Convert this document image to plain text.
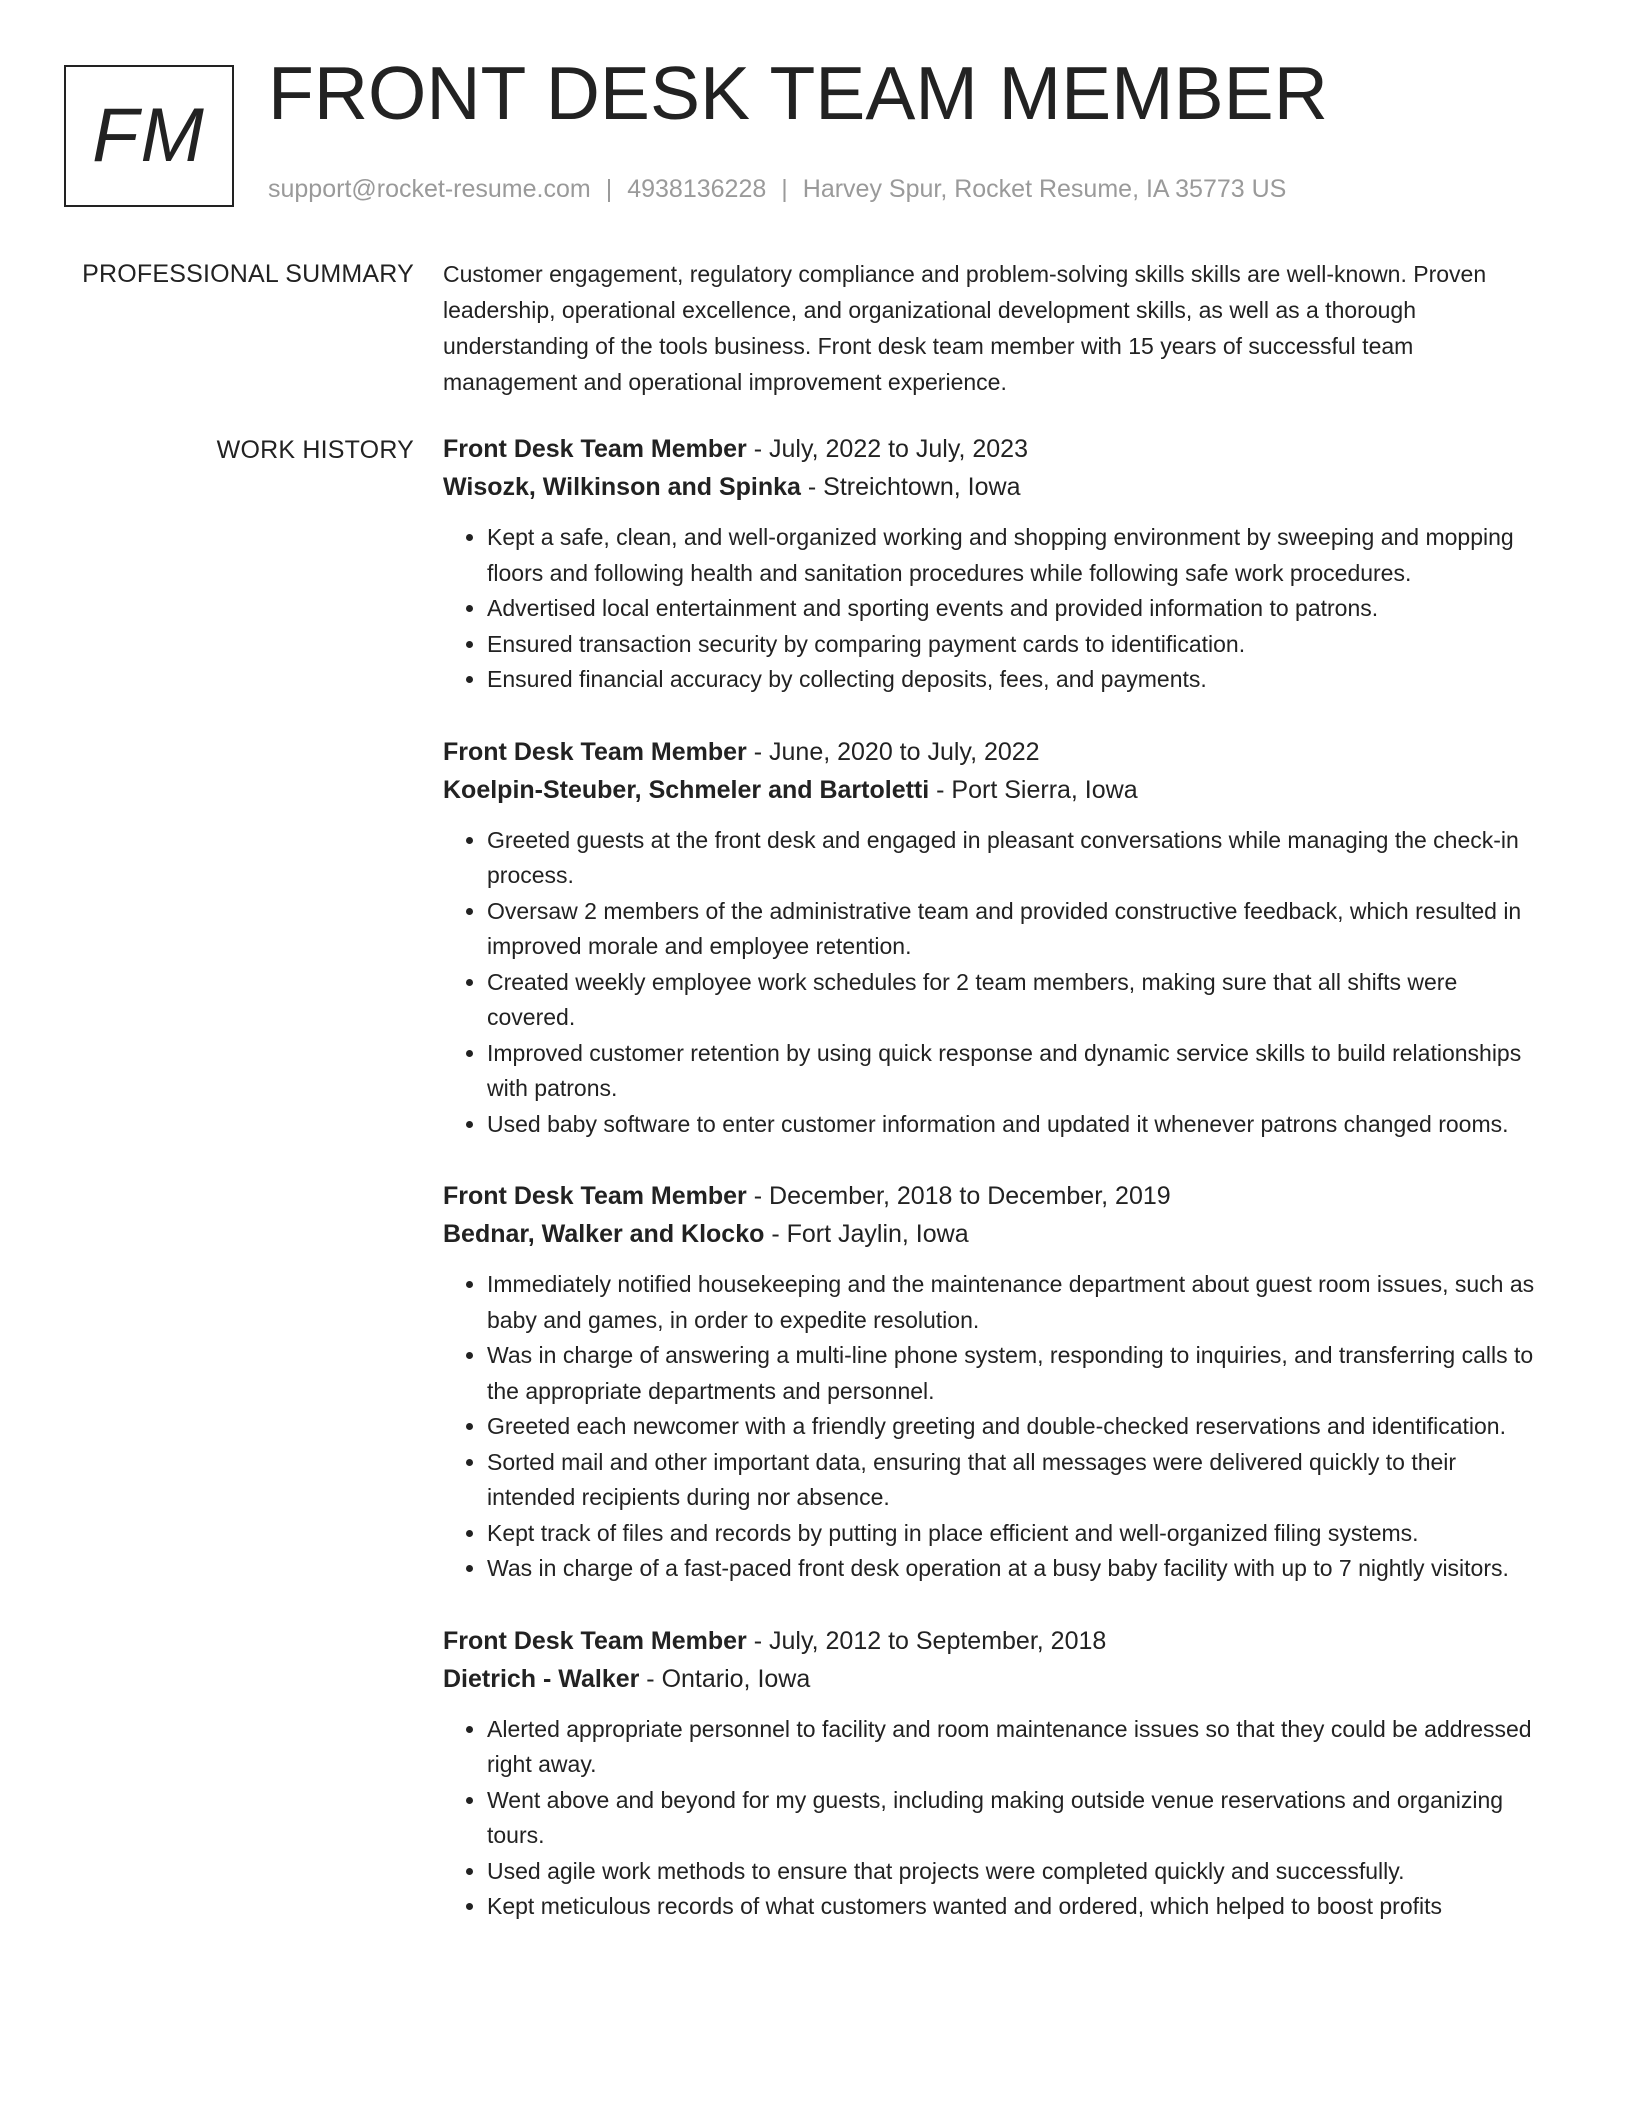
FM FRONT DESK TEAM MEMBER
support@rocket-resume.com | 4938136228 | Harvey Spur, Rocket Resume, IA 35773 US
PROFESSIONAL SUMMARY Customer engagement, regulatory compliance and problem-solving skills skills are well-known. Proven leadership, operational excellence, and organizational development skills, as well as a thorough understanding of the tools business. Front desk team member with 15 years of successful team management and operational improvement experience.

WORK HISTORY Front Desk Team Member - July, 2022 to July, 2023
Wisozk, Wilkinson and Spinka - Streichtown, Iowa
• Kept a safe, clean, and well-organized working and shopping environment by sweeping and mopping floors and following health and sanitation procedures while following safe work procedures.
• Advertised local entertainment and sporting events and provided information to patrons.
• Ensured transaction security by comparing payment cards to identification.
• Ensured financial accuracy by collecting deposits, fees, and payments.
Front Desk Team Member - June, 2020 to July, 2022
Koelpin-Steuber, Schmeler and Bartoletti - Port Sierra, Iowa
• Greeted guests at the front desk and engaged in pleasant conversations while managing the check-in process.
• Oversaw 2 members of the administrative team and provided constructive feedback, which resulted in improved morale and employee retention.
• Created weekly employee work schedules for 2 team members, making sure that all shifts were covered.
• Improved customer retention by using quick response and dynamic service skills to build relationships with patrons.
• Used baby software to enter customer information and updated it whenever patrons changed rooms.
Front Desk Team Member - December, 2018 to December, 2019
Bednar, Walker and Klocko - Fort Jaylin, Iowa
• Immediately notified housekeeping and the maintenance department about guest room issues, such as baby and games, in order to expedite resolution.
• Was in charge of answering a multi-line phone system, responding to inquiries, and transferring calls to the appropriate departments and personnel.
• Greeted each newcomer with a friendly greeting and double-checked reservations and identification.
• Sorted mail and other important data, ensuring that all messages were delivered quickly to their intended recipients during nor absence.
• Kept track of files and records by putting in place efficient and well-organized filing systems.
• Was in charge of a fast-paced front desk operation at a busy baby facility with up to 7 nightly visitors.
Front Desk Team Member - July, 2012 to September, 2018
Dietrich - Walker - Ontario, Iowa
• Alerted appropriate personnel to facility and room maintenance issues so that they could be addressed right away.
• Went above and beyond for my guests, including making outside venue reservations and organizing tours.
• Used agile work methods to ensure that projects were completed quickly and successfully.
• Kept meticulous records of what customers wanted and ordered, which helped to boost profits
